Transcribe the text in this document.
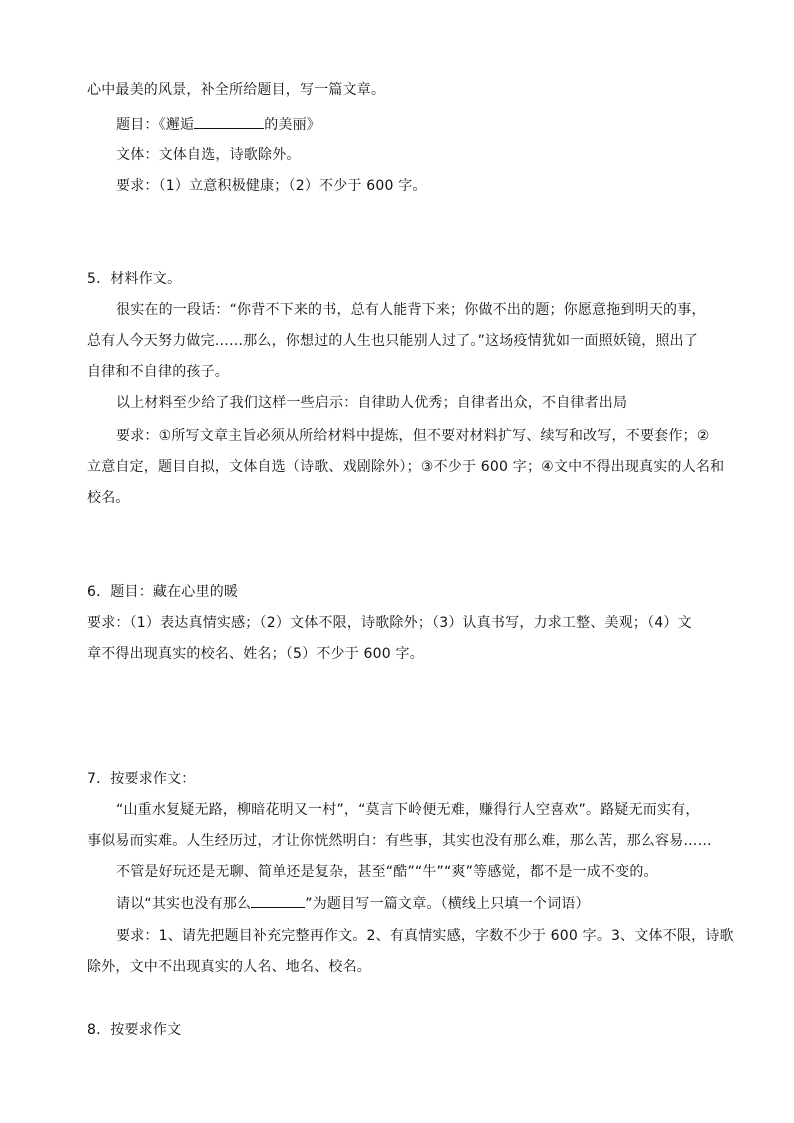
心中最美的风景，补全所给题目，写一篇文章。
题目：《邂逅	的美丽》
文体：文体自选，诗歌除外。
要求：（1）立意积极健康；（2）不少于 600 字。
5．材料作文。
很实在的一段话：“你背不下来的书，总有人能背下来；你做不出的题；你愿意拖到明天的事，
总有人今天努力做完……那么，你想过的人生也只能别人过了。”这场疫情犹如一面照妖镜，照出了
自律和不自律的孩子。
以上材料至少给了我们这样一些启示：自律助人优秀；自律者出众，不自律者出局
要求：①所写文章主旨必须从所给材料中提炼，但不要对材料扩写、续写和改写，不要套作；②
立意自定，题目自拟，文体自选（诗歌、戏剧除外）；③不少于 600 字；④文中不得出现真实的人名和
校名。
6．题目：藏在心里的暖
要求：（1）表达真情实感；（2）文体不限，诗歌除外；（3）认真书写，力求工整、美观；（4）文
章不得出现真实的校名、姓名；（5）不少于 600 字。
7．按要求作文：
“山重水复疑无路，柳暗花明又一村”，“莫言下岭便无难，赚得行人空喜欢”。路疑无而实有，
事似易而实难。人生经历过，才让你恍然明白：有些事，其实也没有那么难，那么苦，那么容易……
不管是好玩还是无聊、简单还是复杂，甚至“酷”“牛”“爽”等感觉，都不是一成不变的。
请以“其实也没有那么	”为题目写一篇文章。（横线上只填一个词语）
要求：1、请先把题目补充完整再作文。2、有真情实感，字数不少于 600 字。3、文体不限，诗歌
除外，文中不出现真实的人名、地名、校名。
8．按要求作文
